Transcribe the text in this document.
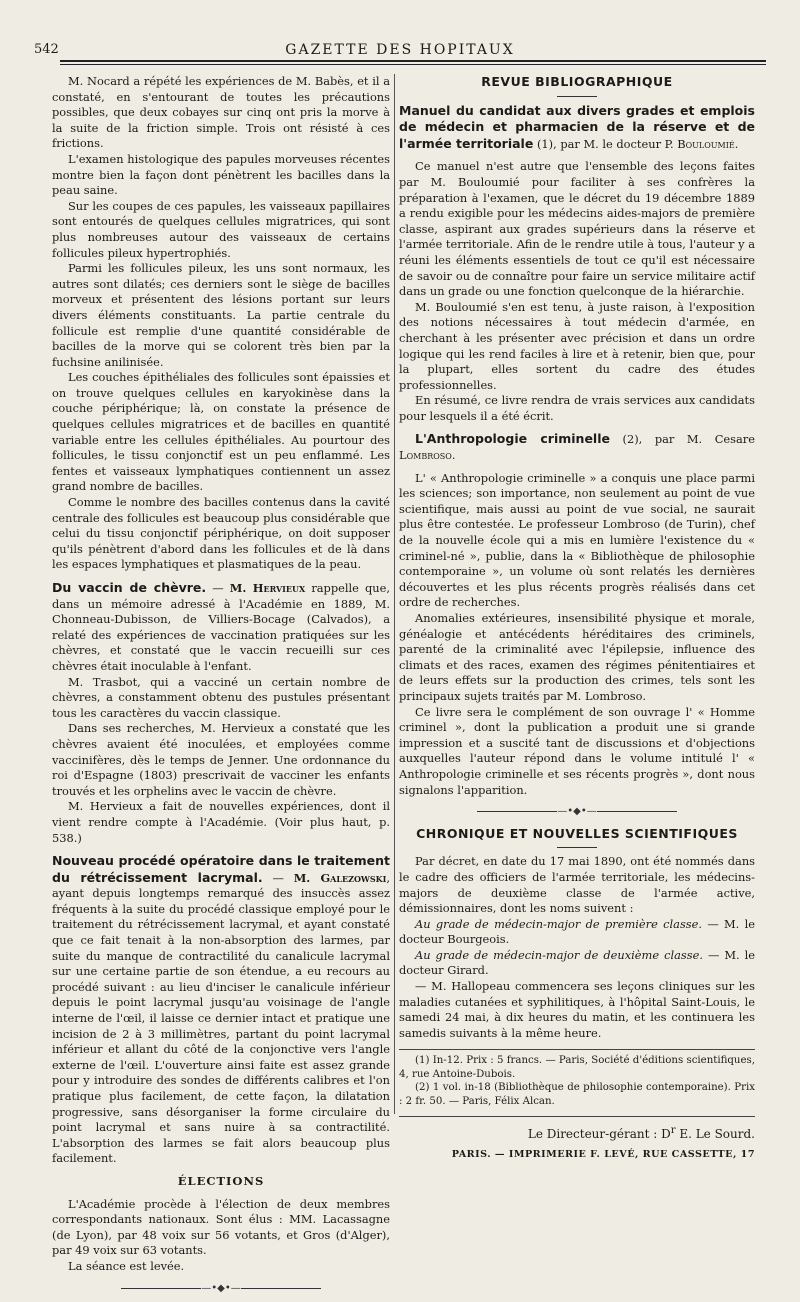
542	GAZETTE DES HOPITAUX

M. Nocard a répété les expériences de M. Babès, et il a constaté, en s'entourant de toutes les précautions possibles, que deux cobayes sur cinq ont pris la morve à la suite de la friction simple. Trois ont résisté à ces frictions.

L'examen histologique des papules morveuses récentes montre bien la façon dont pénètrent les bacilles dans la peau saine.

Sur les coupes de ces papules, les vaisseaux papillaires sont entourés de quelques cellules migratrices, qui sont plus nombreuses autour des vaisseaux de certains follicules pileux hypertrophiés.

Parmi les follicules pileux, les uns sont normaux, les autres sont dilatés; ces derniers sont le siège de bacilles morveux et présentent des lésions portant sur leurs divers éléments constituants. La partie centrale du follicule est remplie d'une quantité considérable de bacilles de la morve qui se colorent très bien par la fuchsine anilinisée.

Les couches épithéliales des follicules sont épaissies et on trouve quelques cellules en karyokinèse dans la couche périphérique; là, on constate la présence de quelques cellules migratrices et de bacilles en quantité variable entre les cellules épithéliales. Au pourtour des follicules, le tissu conjonctif est un peu enflammé. Les fentes et vaisseaux lymphatiques contiennent un assez grand nombre de bacilles.

Comme le nombre des bacilles contenus dans la cavité centrale des follicules est beaucoup plus considérable que celui du tissu conjonctif périphérique, on doit supposer qu'ils pénètrent d'abord dans les follicules et de là dans les espaces lymphatiques et plasmatiques de la peau.

Du vaccin de chèvre. — M. Hervieux rappelle que, dans un mémoire adressé à l'Académie en 1889, M. Chonneau-Dubisson, de Villiers-Bocage (Calvados), a relaté des expériences de vaccination pratiquées sur les chèvres, et constaté que le vaccin recueilli sur ces chèvres était inoculable à l'enfant.

M. Trasbot, qui a vacciné un certain nombre de chèvres, a constamment obtenu des pustules présentant tous les caractères du vaccin classique.

Dans ses recherches, M. Hervieux a constaté que les chèvres avaient été inoculées, et employées comme vaccinifères, dès le temps de Jenner. Une ordonnance du roi d'Espagne (1803) prescrivait de vacciner les enfants trouvés et les orphelins avec le vaccin de chèvre.

M. Hervieux a fait de nouvelles expériences, dont il vient rendre compte à l'Académie. (Voir plus haut, p. 538.)

Nouveau procédé opératoire dans le traitement du rétrécissement lacrymal. — M. Galezowski, ayant depuis longtemps remarqué des insuccès assez fréquents à la suite du procédé classique employé pour le traitement du rétrécissement lacrymal, et ayant constaté que ce fait tenait à la non-absorption des larmes, par suite du manque de contractilité du canalicule lacrymal sur une certaine partie de son étendue, a eu recours au procédé suivant : au lieu d'inciser le canalicule inférieur depuis le point lacrymal jusqu'au voisinage de l'angle interne de l'œil, il laisse ce dernier intact et pratique une incision de 2 à 3 millimètres, partant du point lacrymal inférieur et allant du côté de la conjonctive vers l'angle externe de l'œil. L'ouverture ainsi faite est assez grande pour y introduire des sondes de différents calibres et l'on pratique plus facilement, de cette façon, la dilatation progressive, sans désorganiser la forme circulaire du point lacrymal et sans nuire à sa contractilité. L'absorption des larmes se fait alors beaucoup plus facilement.

ÉLECTIONS

L'Académie procède à l'élection de deux membres correspondants nationaux. Sont élus : MM. Lacassagne (de Lyon), par 48 voix sur 56 votants, et Gros (d'Alger), par 49 voix sur 63 votants.

La séance est levée.

—•◆•—
REVUE BIBLIOGRAPHIQUE

Manuel du candidat aux divers grades et emplois de médecin et pharmacien de la réserve et de l'armée territoriale (1), par M. le docteur P. Bouloumié.

Ce manuel n'est autre que l'ensemble des leçons faites par M. Bouloumié pour faciliter à ses confrères la préparation à l'examen, que le décret du 19 décembre 1889 a rendu exigible pour les médecins aides-majors de première classe, aspirant aux grades supérieurs dans la réserve et l'armée territoriale. Afin de le rendre utile à tous, l'auteur y a réuni les éléments essentiels de tout ce qu'il est nécessaire de savoir ou de connaître pour faire un service militaire actif dans un grade ou une fonction quelconque de la hiérarchie.

M. Bouloumié s'en est tenu, à juste raison, à l'exposition des notions nécessaires à tout médecin d'armée, en cherchant à les présenter avec précision et dans un ordre logique qui les rend faciles à lire et à retenir, bien que, pour la plupart, elles sortent du cadre des études professionnelles.

En résumé, ce livre rendra de vrais services aux candidats pour lesquels il a été écrit.

L'Anthropologie criminelle (2), par M. Cesare Lombroso.

L' « Anthropologie criminelle » a conquis une place parmi les sciences; son importance, non seulement au point de vue scientifique, mais aussi au point de vue social, ne saurait plus être contestée. Le professeur Lombroso (de Turin), chef de la nouvelle école qui a mis en lumière l'existence du « criminel-né », publie, dans la « Bibliothèque de philosophie contemporaine », un volume où sont relatés les dernières découvertes et les plus récents progrès réalisés dans cet ordre de recherches.

Anomalies extérieures, insensibilité physique et morale, généalogie et antécédents héréditaires des criminels, parenté de la criminalité avec l'épilepsie, influence des climats et des races, examen des régimes pénitentiaires et de leurs effets sur la production des crimes, tels sont les principaux sujets traités par M. Lombroso.

Ce livre sera le complément de son ouvrage l' « Homme criminel », dont la publication a produit une si grande impression et a suscité tant de discussions et d'objections auxquelles l'auteur répond dans le volume intitulé l' « Anthropologie criminelle et ses récents progrès », dont nous signalons l'apparition.

—•◆•—
CHRONIQUE ET NOUVELLES SCIENTIFIQUES

Par décret, en date du 17 mai 1890, ont été nommés dans le cadre des officiers de l'armée territoriale, les médecins-majors de deuxième classe de l'armée active, démissionnaires, dont les noms suivent :

Au grade de médecin-major de première classe. — M. le docteur Bourgeois.

Au grade de médecin-major de deuxième classe. — M. le docteur Girard.

— M. Hallopeau commencera ses leçons cliniques sur les maladies cutanées et syphilitiques, à l'hôpital Saint-Louis, le samedi 24 mai, à dix heures du matin, et les continuera les samedis suivants à la même heure.

(1) In-12. Prix : 5 francs. — Paris, Société d'éditions scientifiques, 4, rue Antoine-Dubois.

(2) 1 vol. in-18 (Bibliothèque de philosophie contemporaine). Prix : 2 fr. 50. — Paris, Félix Alcan.

Le Directeur-gérant : $D^r$ E. Le Sourd.
PARIS. — IMPRIMERIE F. LEVÉ, RUE CASSETTE, 17
